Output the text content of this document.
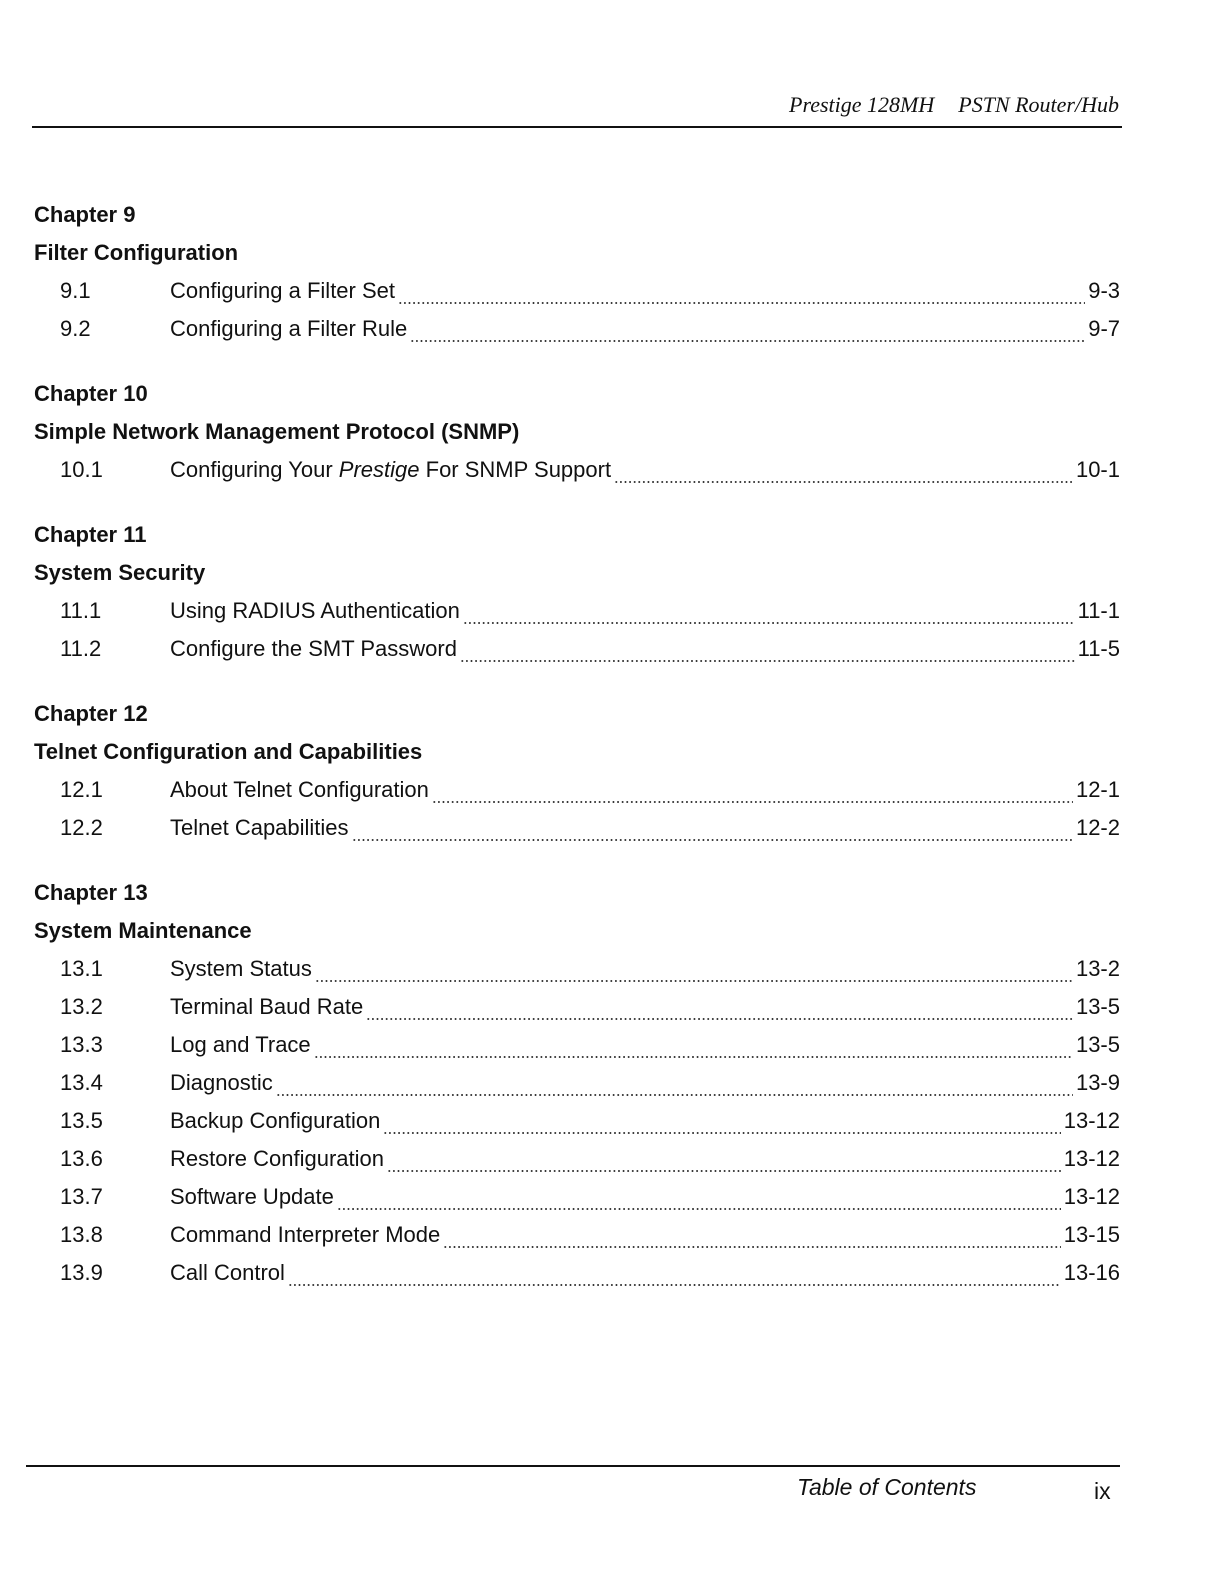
Prestige 128MH PSTN Router/Hub
Chapter 9
Filter Configuration
9.1	Configuring a Filter Set	9-3
9.2	Configuring a Filter Rule	9-7
Chapter 10
Simple Network Management Protocol (SNMP)
10.1	Configuring Your Prestige For SNMP Support	10-1
Chapter 11
System Security
11.1	Using RADIUS Authentication	11-1
11.2	Configure the SMT Password	11-5
Chapter 12
Telnet Configuration and Capabilities
12.1	About Telnet Configuration	12-1
12.2	Telnet Capabilities	12-2
Chapter 13
System Maintenance
13.1	System Status	13-2
13.2	Terminal Baud Rate	13-5
13.3	Log and Trace	13-5
13.4	Diagnostic	13-9
13.5	Backup Configuration	13-12
13.6	Restore Configuration	13-12
13.7	Software Update	13-12
13.8	Command Interpreter Mode	13-15
13.9	Call Control	13-16
Table of Contents	ix
